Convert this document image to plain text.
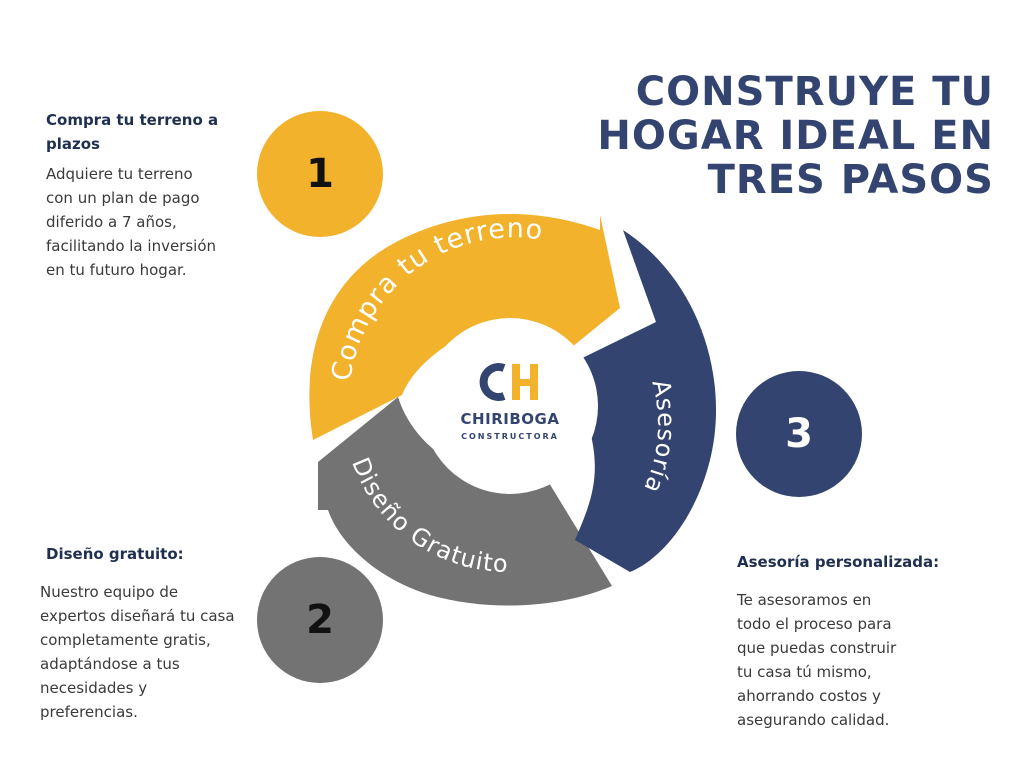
CONSTRUYE TU
HOGAR IDEAL EN
TRES PASOS
Compra tu terreno
Diseño Gratuito
Asesoría
CHIRIBOGA
CONSTRUCTORA
1
2
3
Compra tu terreno a
plazos
Adquiere tu terreno
con un plan de pago
diferido a 7 años,
facilitando la inversión
en tu futuro hogar.
Diseño gratuito:
Nuestro equipo de
expertos diseñará tu casa
completamente gratis,
adaptándose a tus
necesidades y
preferencias.
Asesoría personalizada:
Te asesoramos en
todo el proceso para
que puedas construir
tu casa tú mismo,
ahorrando costos y
asegurando calidad.
